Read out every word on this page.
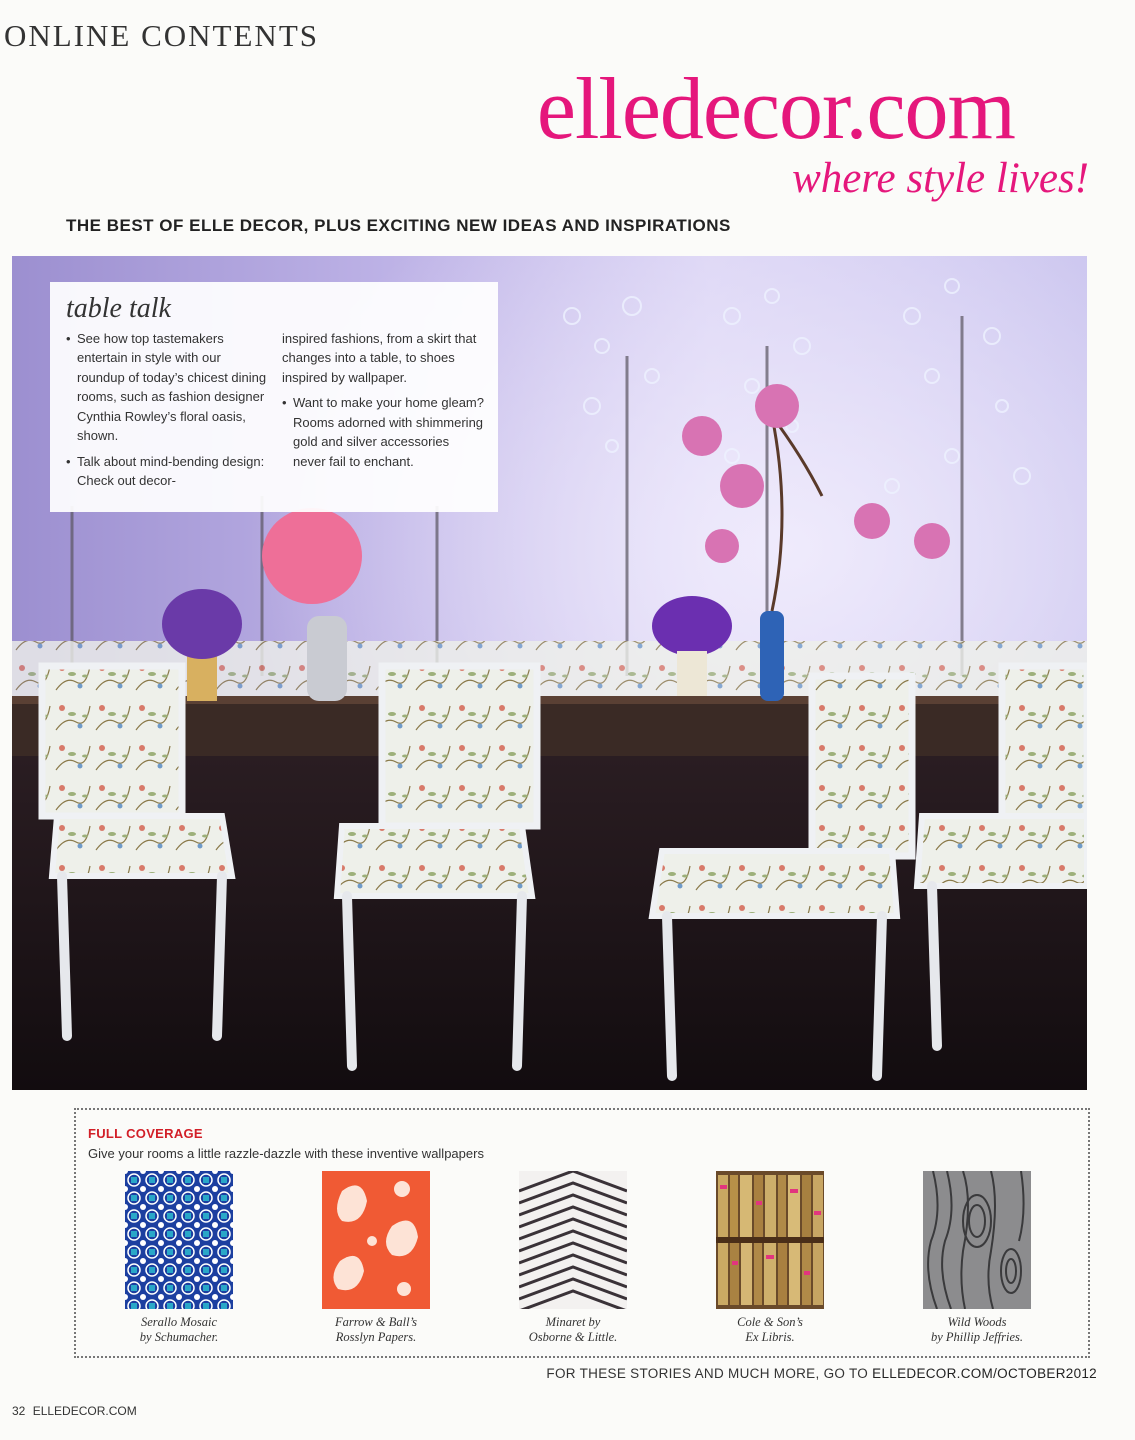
ONLINE CONTENTS
elledecor.com
where style lives!
THE BEST OF ELLE DECOR, PLUS EXCITING NEW IDEAS AND INSPIRATIONS
table talk
• See how top tastemakers entertain in style with our roundup of today’s chicest dining rooms, such as fashion designer Cynthia Rowley’s floral oasis, shown.
• Talk about mind-bending design: Check out decor-
inspired fashions, from a skirt that changes into a table, to shoes inspired by wallpaper.
• Want to make your home gleam? Rooms adorned with shimmering gold and silver accessories never fail to enchant.
FULL COVERAGE
Give your rooms a little razzle-dazzle with these inventive wallpapers
Serallo Mosaic
by Schumacher.
Farrow & Ball’s
Rosslyn Papers.
Minaret by
Osborne & Little.
Cole & Son’s
Ex Libris.
Wild Woods
by Phillip Jeffries.
FOR THESE STORIES AND MUCH MORE, GO TO ELLEDECOR.COM/OCTOBER2012
32 ELLEDECOR.COM
